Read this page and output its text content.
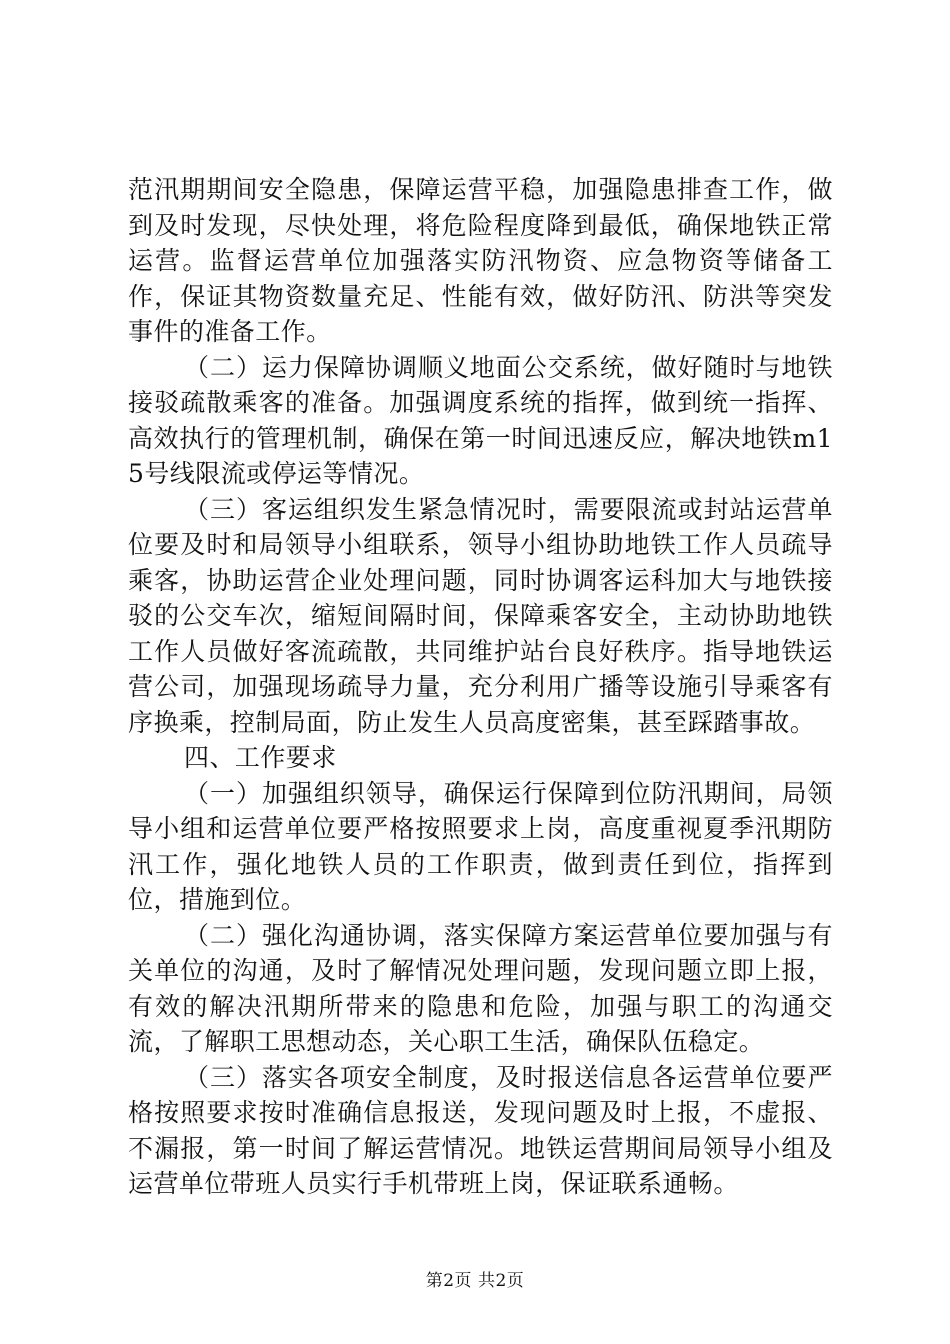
范汛期期间安全隐患，保障运营平稳，加强隐患排查工作，做到及时发现，尽快处理，将危险程度降到最低，确保地铁正常运营。监督运营单位加强落实防汛物资、应急物资等储备工作，保证其物资数量充足、性能有效，做好防汛、防洪等突发事件的准备工作。

（二）运力保障协调顺义地面公交系统，做好随时与地铁接驳疏散乘客的准备。加强调度系统的指挥，做到统一指挥、高效执行的管理机制，确保在第一时间迅速反应，解决地铁m15号线限流或停运等情况。

（三）客运组织发生紧急情况时，需要限流或封站运营单位要及时和局领导小组联系，领导小组协助地铁工作人员疏导乘客，协助运营企业处理问题，同时协调客运科加大与地铁接驳的公交车次，缩短间隔时间，保障乘客安全，主动协助地铁工作人员做好客流疏散，共同维护站台良好秩序。指导地铁运营公司，加强现场疏导力量，充分利用广播等设施引导乘客有序换乘，控制局面，防止发生人员高度密集，甚至踩踏事故。

四、工作要求

（一）加强组织领导，确保运行保障到位防汛期间，局领导小组和运营单位要严格按照要求上岗，高度重视夏季汛期防汛工作，强化地铁人员的工作职责，做到责任到位，指挥到位，措施到位。

（二）强化沟通协调，落实保障方案运营单位要加强与有关单位的沟通，及时了解情况处理问题，发现问题立即上报，有效的解决汛期所带来的隐患和危险，加强与职工的沟通交流，了解职工思想动态，关心职工生活，确保队伍稳定。

（三）落实各项安全制度，及时报送信息各运营单位要严格按照要求按时准确信息报送，发现问题及时上报，不虚报、不漏报，第一时间了解运营情况。地铁运营期间局领导小组及运营单位带班人员实行手机带班上岗，保证联系通畅。

第2页 共2页
